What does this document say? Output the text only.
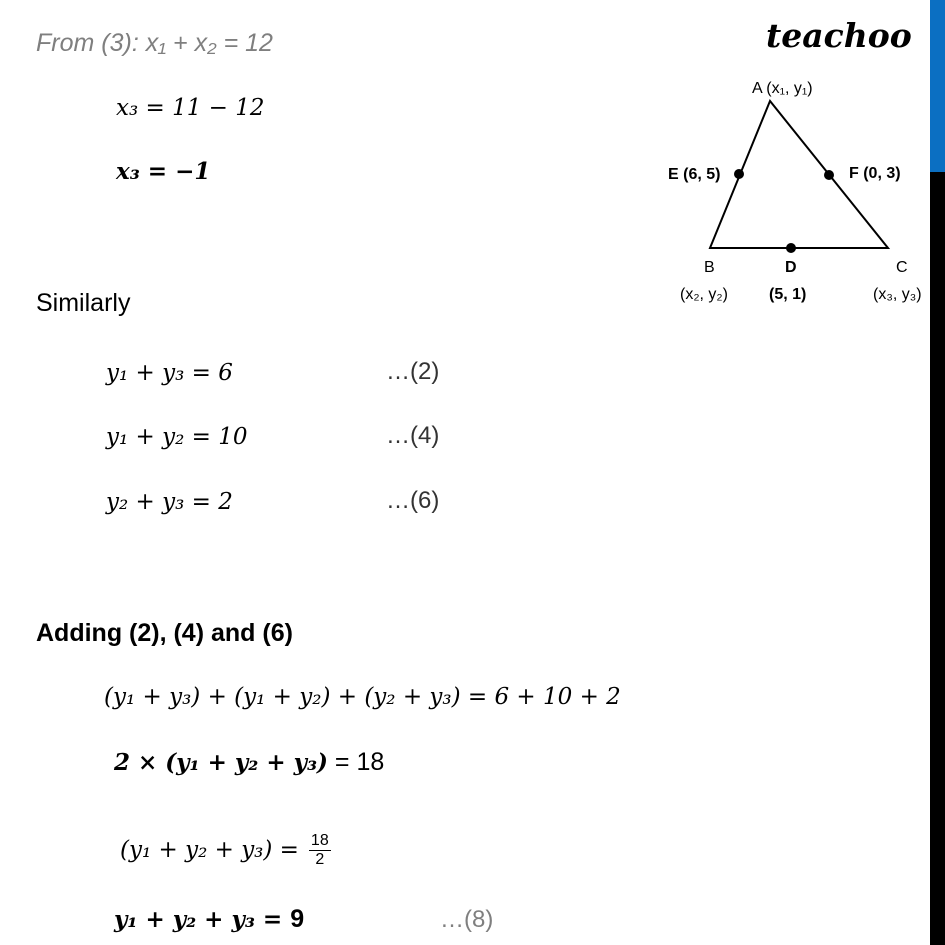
teachoo
A (x₁, y₁)
E (6, 5)	F (0, 3)
B
(x₂, y₂)
D
(5, 1)
C
(x₃, y₃)
From (3): x₁ + x₂ = 12
x₃ = 11 − 12
x₃ = −1
Similarly
y₁ + y₃ = 6	…(2)
y₁ + y₂ = 10	…(4)
y₂ + y₃ = 2	…(6)
Adding (2), (4) and (6)
(y₁ + y₃) + (y₁ + y₂) + (y₂ + y₃) = 6 + 10 + 2
2 × (y₁ + y₂ + y₃) = 18
$(y_1 + y_2 + y_3) = \frac{18}{2}$
y₁ + y₂ + y₃ = 9	…(8)
